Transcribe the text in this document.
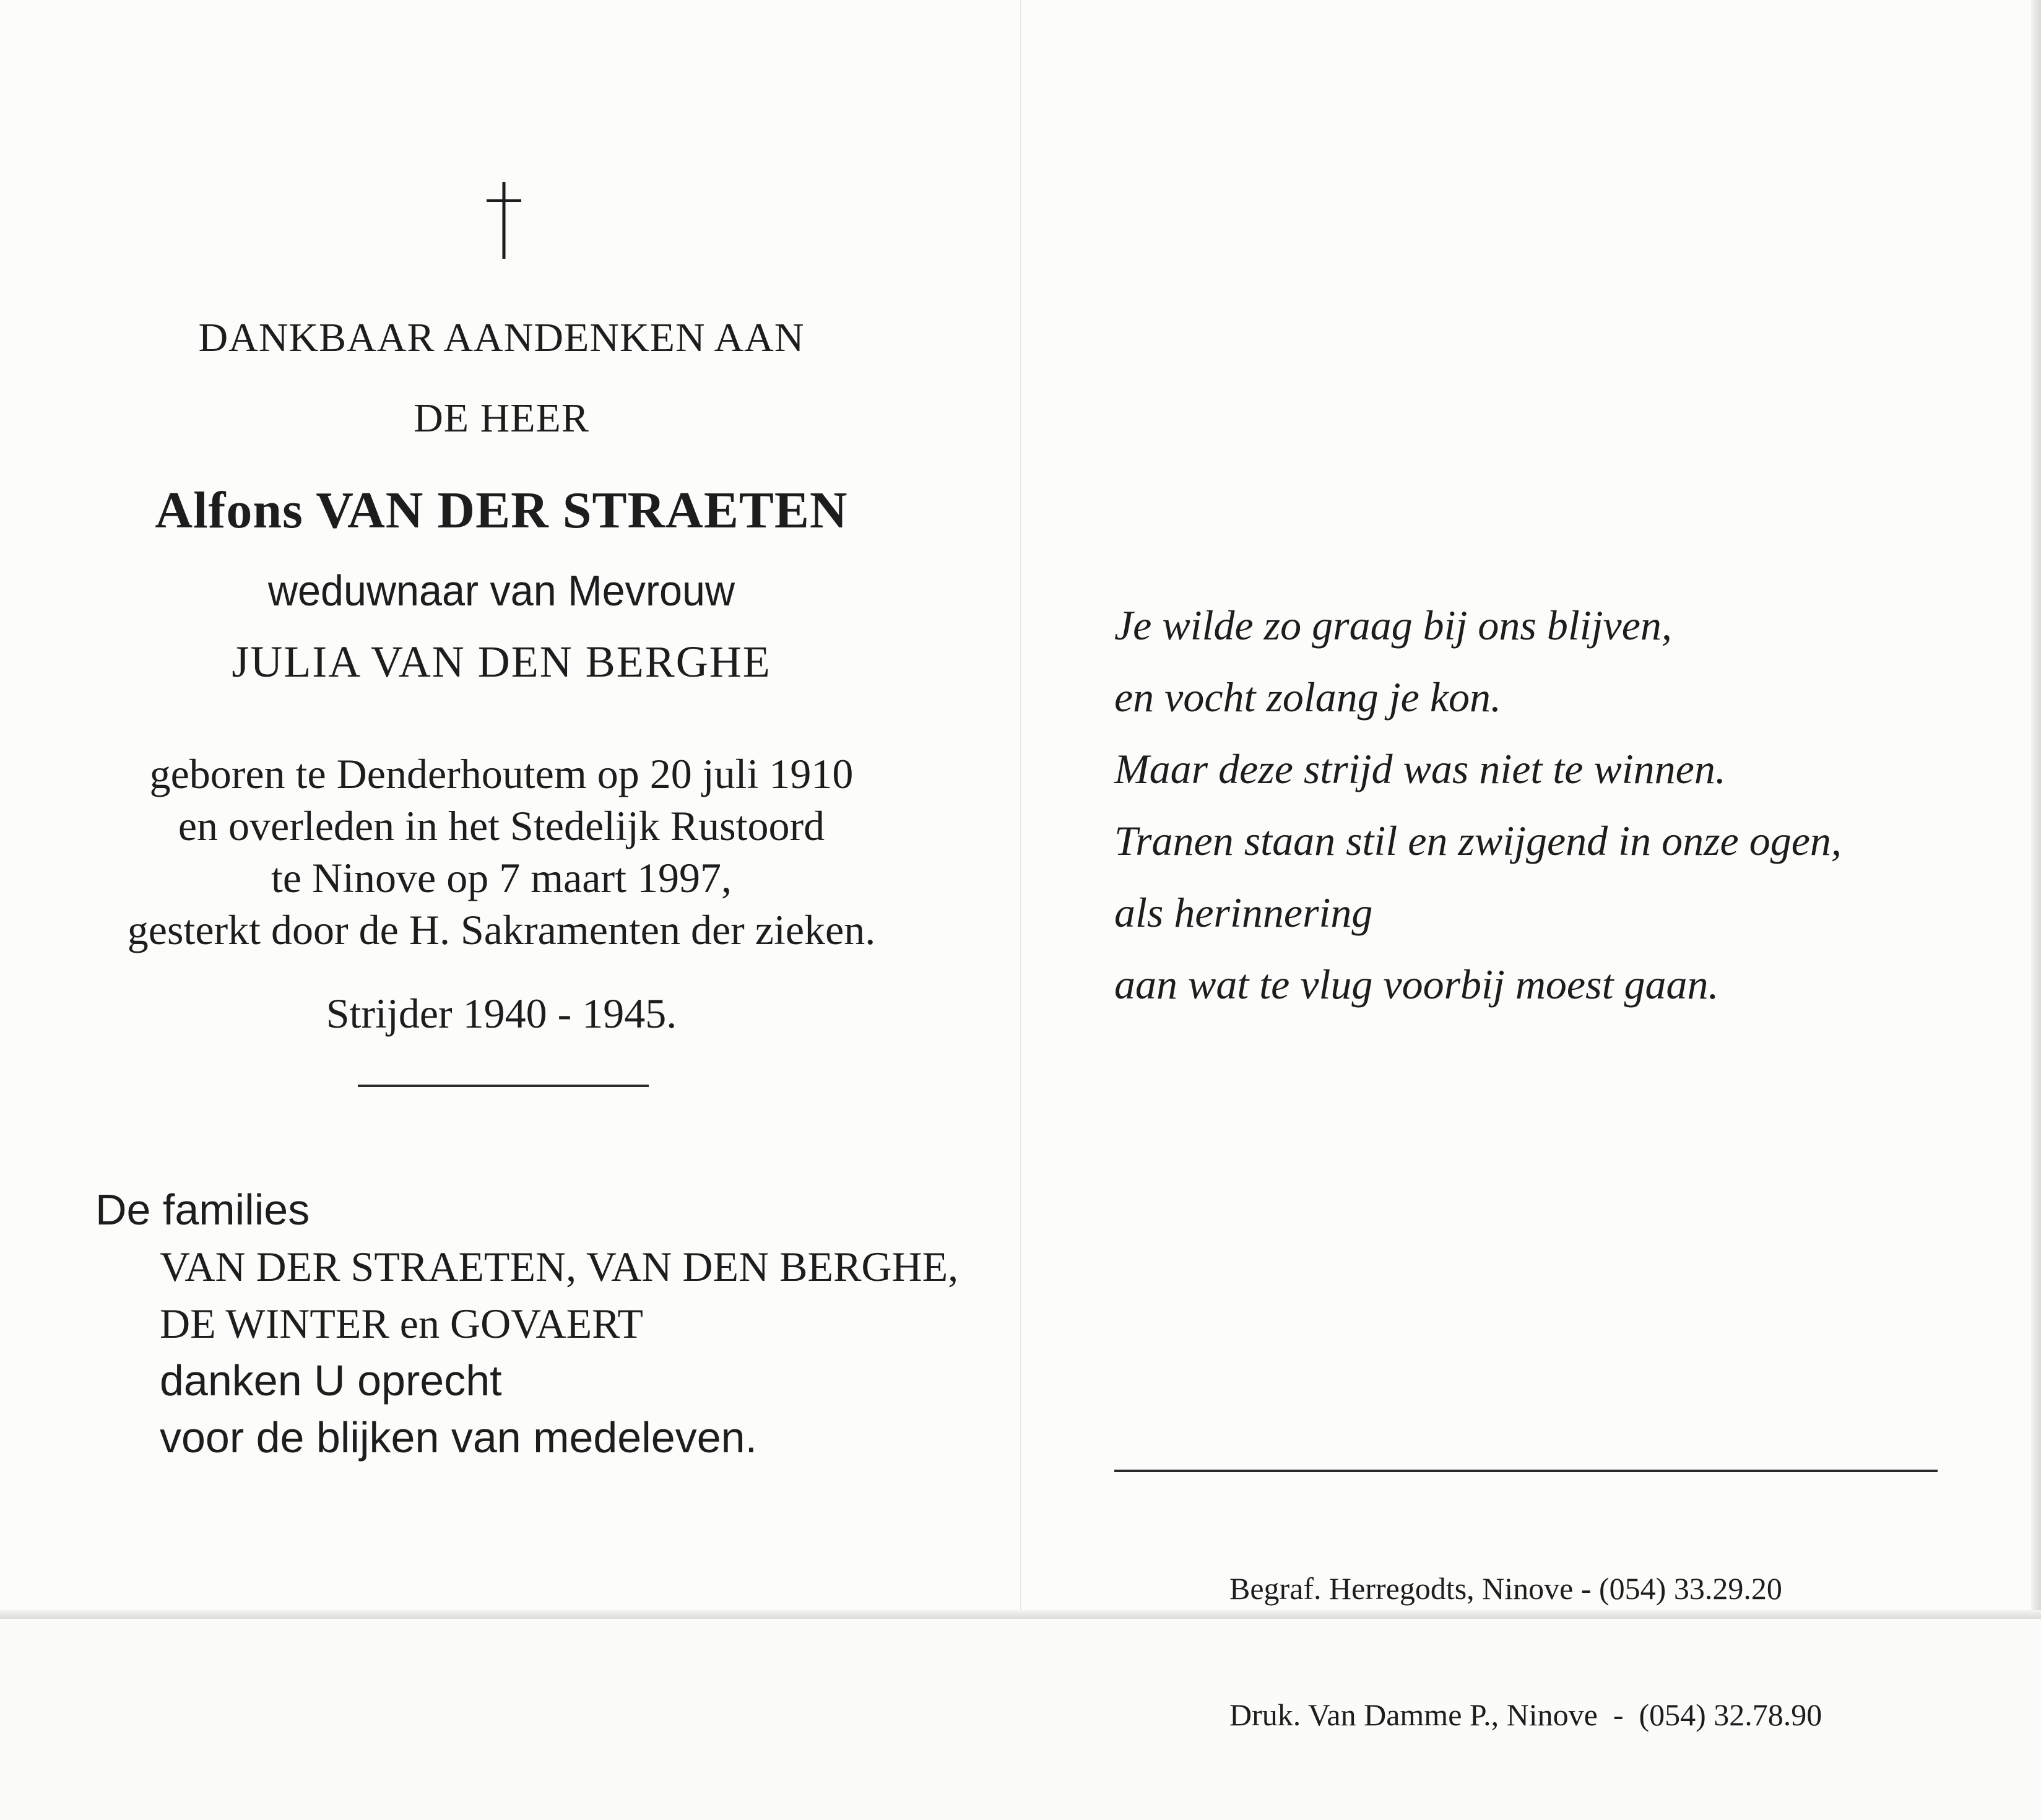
DANKBAAR AANDENKEN AAN

DE HEER

Alfons VAN DER STRAETEN

weduwnaar van Mevrouw

JULIA VAN DEN BERGHE

geboren te Denderhoutem op 20 juli 1910
en overleden in het Stedelijk Rustoord
te Ninove op 7 maart 1997,
gesterkt door de H. Sakramenten der zieken.

Strijder 1940 - 1945.

De families
VAN DER STRAETEN, VAN DEN BERGHE,
DE WINTER en GOVAERT
danken U oprecht
voor de blijken van medeleven.
Je wilde zo graag bij ons blijven,
en vocht zolang je kon.
Maar deze strijd was niet te winnen.
Tranen staan stil en zwijgend in onze ogen,
als herinnering
aan wat te vlug voorbij moest gaan.

Begraf. Herregodts, Ninove - (054) 33.29.20

Druk. Van Damme P., Ninove  -  (054) 32.78.90
